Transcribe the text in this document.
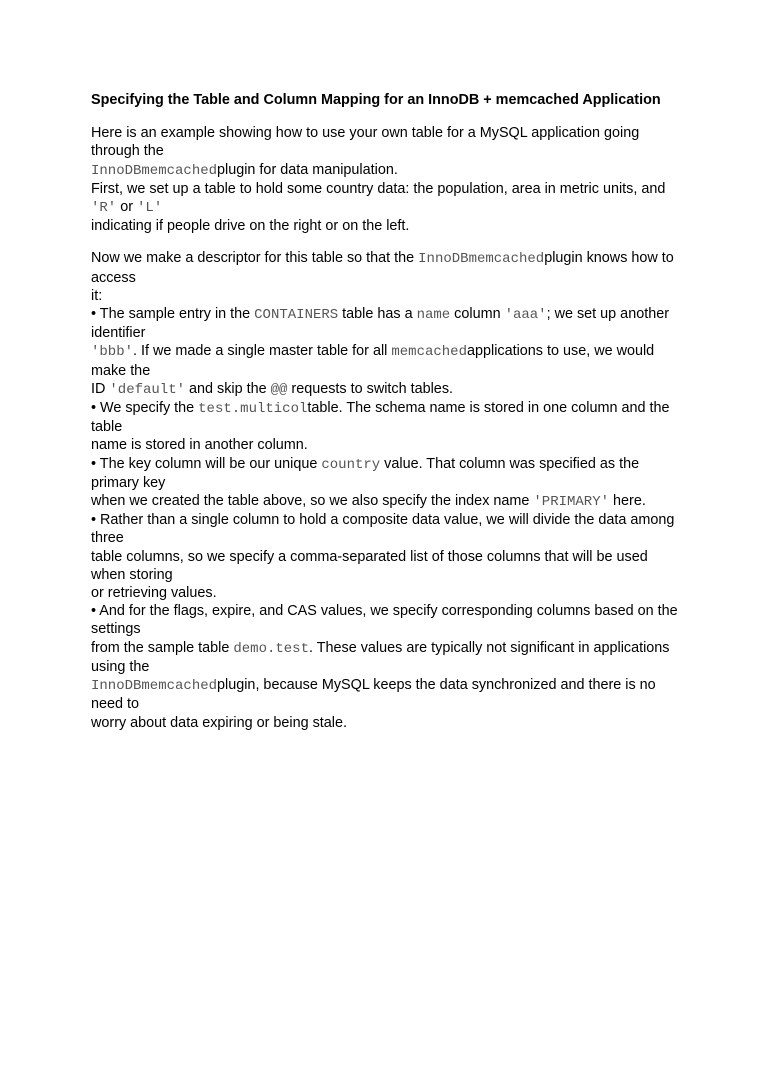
Specifying the Table and Column Mapping for an InnoDB + memcached Application
Here is an example showing how to use your own table for a MySQL application going through the
InnoDBmemcachedplugin for data manipulation.
First, we set up a table to hold some country data: the population, area in metric units, and 'R' or 'L'
indicating if people drive on the right or on the left.
Now we make a descriptor for this table so that the InnoDBmemcachedplugin knows how to access
it:
• The sample entry in the CONTAINERS table has a name column 'aaa'; we set up another identifier
'bbb'. If we made a single master table for all memcachedapplications to use, we would make the
ID 'default' and skip the @@ requests to switch tables.
• We specify the test.multicoltable. The schema name is stored in one column and the table
name is stored in another column.
• The key column will be our unique country value. That column was specified as the primary key
when we created the table above, so we also specify the index name 'PRIMARY' here.
• Rather than a single column to hold a composite data value, we will divide the data among three
table columns, so we specify a comma-separated list of those columns that will be used when storing
or retrieving values.
• And for the flags, expire, and CAS values, we specify corresponding columns based on the settings
from the sample table demo.test. These values are typically not significant in applications using the
InnoDBmemcachedplugin, because MySQL keeps the data synchronized and there is no need to
worry about data expiring or being stale.
